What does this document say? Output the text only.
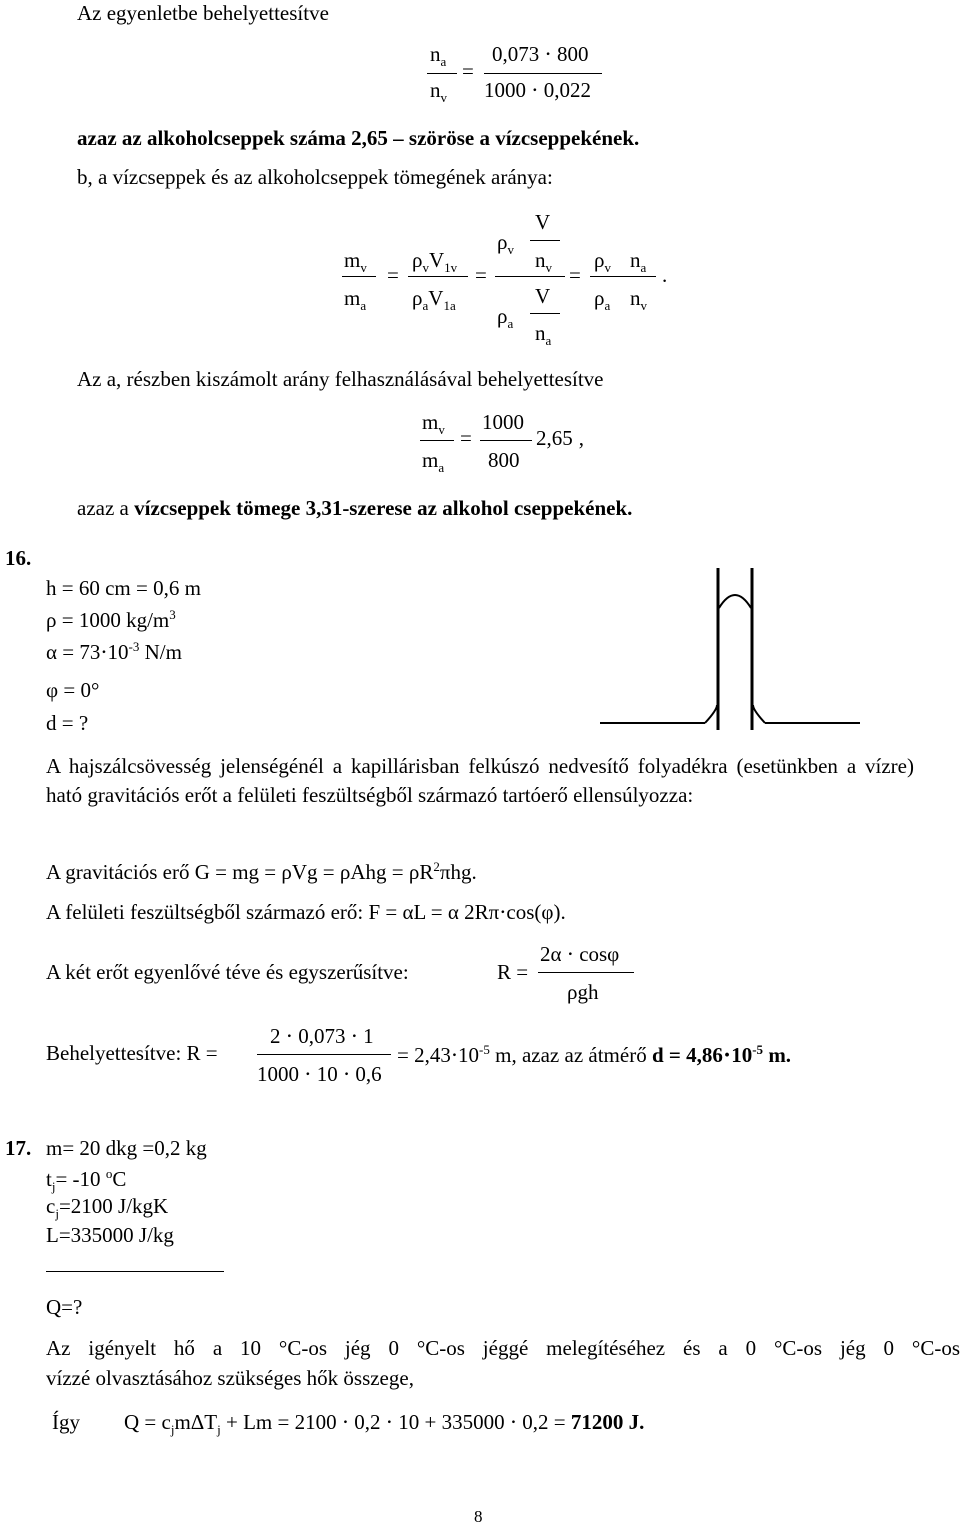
Az egyenletbe behelyettesítve
$n_a$
$n_v$
=
0,073 ⋅ 800
1000 ⋅ 0,022
azaz az alkoholcseppek száma 2,65 – szöröse a vízcseppekének.
b, a vízcseppek és az alkoholcseppek tömegének aránya:
V
$\rho_v$
$m_v$ $\rho_vV_{1v}$	$n_v$ $\rho_v$ $n_a$
=	=	=	.
$m_a$ $\rho_aV_{1a}$	V $\rho_a$ $n_v$
$\rho_a$ $n_a$
Az a, részben kiszámolt arány felhasználásával behelyettesítve
$m_v$
$m_a$
=
1000
800
2,65 ,
azaz a vízcseppek tömege 3,31-szerese az alkohol cseppekének.
16.
h = 60 cm = 0,6 m
ρ = 1000 $kg/m^3$
$\alpha = 73\cdot 10^{-3}$ N/m
φ = 0°
d = ?
A hajszálcsövesség jelenségénél a kapillárisban felkúszó nedvesítő folyadékra (esetünkben a vízre) ható gravitációs erőt a felületi feszültségből származó tartóerő ellensúlyozza:
A gravitációs erő G = mg = $\rho Vg = \rho Ahg = \rho R^2\pi hg$.
A felületi feszültségből származó erő: F = αL = α 2Rπ⋅cos(φ).
A két erőt egyenlővé téve és egyszerűsítve:	R =
2α ⋅ cosφ
ρgh
Behelyettesítve: R =
2 ⋅ 0,073 ⋅ 1
1000 ⋅ 10 ⋅ 0,6
= $2,43\cdot 10^{-5}$ m, azaz az átmérő $d = 4,86\cdot 10^{-5}$ m.
17. m= 20 dkg =0,2 kg
$t_j= -10$ $^o$C
$c_j=2100$ J/kgK
L=335000 J/kg
Q=?
Az igényelt hő a 10 °C-os jég 0 °C-os jéggé melegítéséhez és a 0 °C-os jég 0 °C-os
vízzé olvasztásához szükséges hők összege,
Így $Q = c_jm\Delta T_j + Lm = 2100 \cdot 0,2 \cdot 10 + 335000 \cdot 0,2 = 71200$ J.
8
